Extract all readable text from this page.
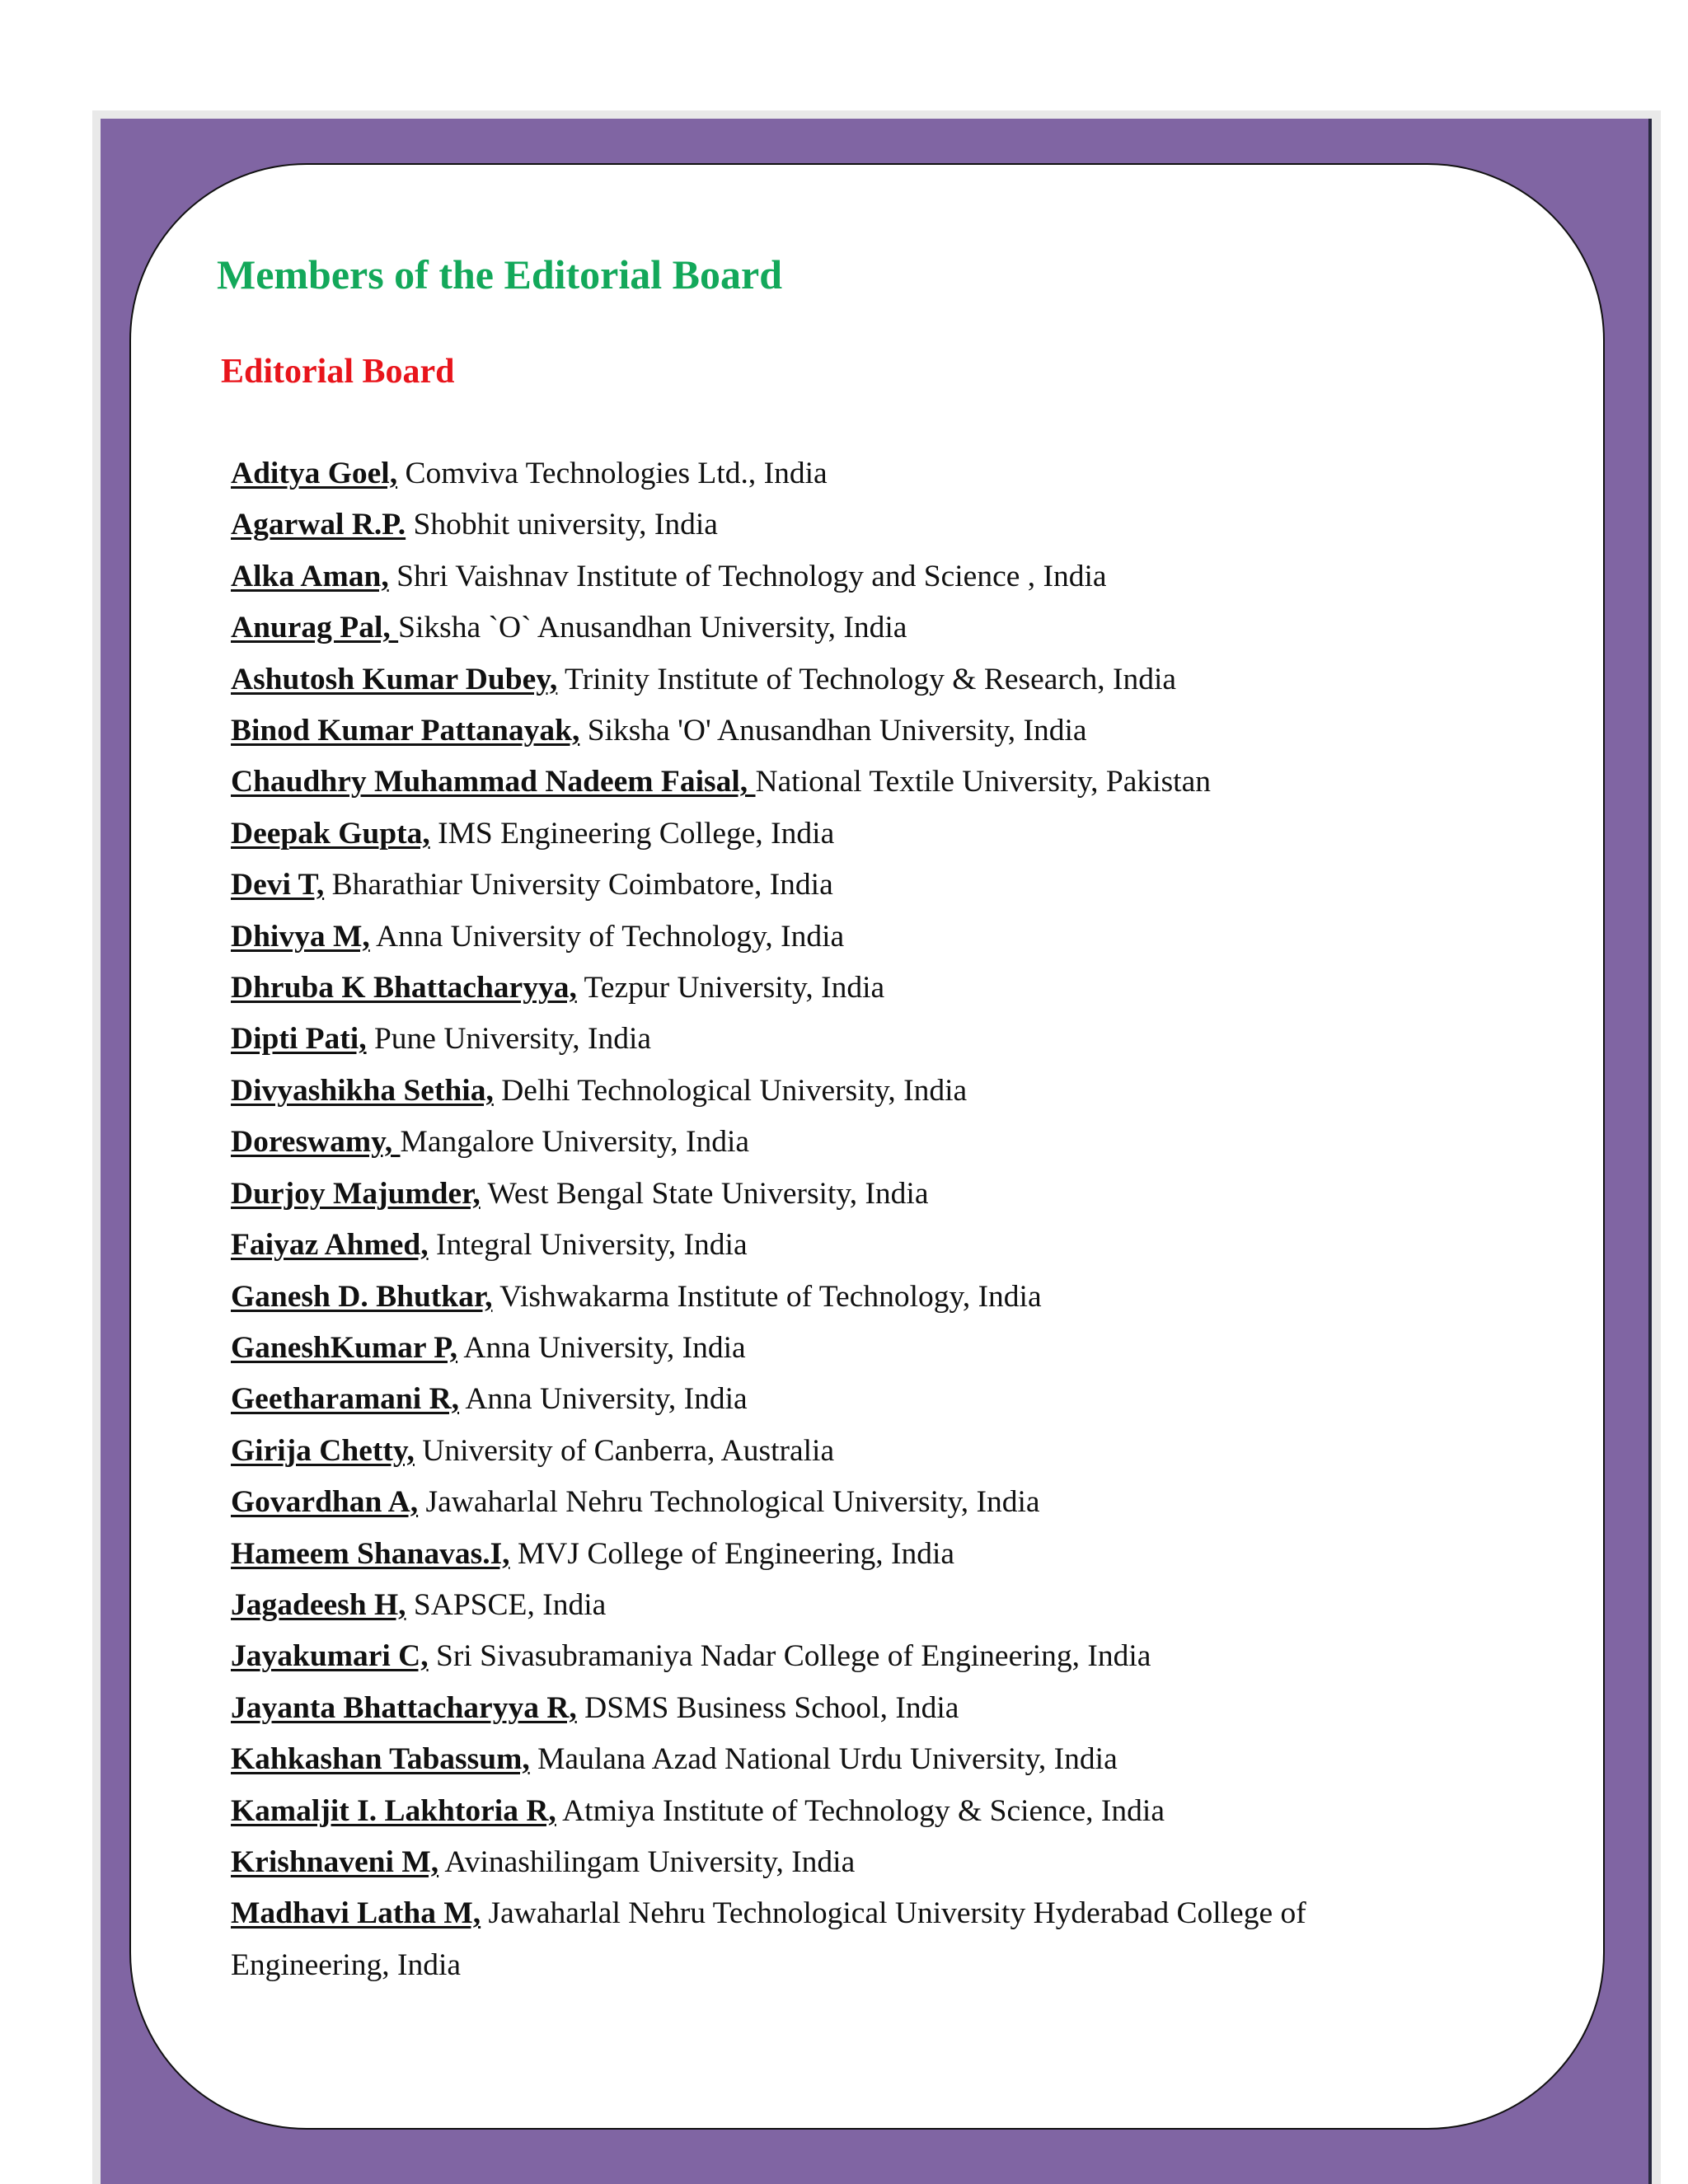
Members of the Editorial Board
Editorial Board
Aditya Goel, Comviva Technologies Ltd., India
Agarwal R.P. Shobhit university, India
Alka Aman, Shri Vaishnav Institute of Technology and Science , India
Anurag Pal, Siksha `O` Anusandhan University, India
Ashutosh Kumar Dubey, Trinity Institute of Technology & Research, India
Binod Kumar Pattanayak, Siksha 'O' Anusandhan University, India
Chaudhry Muhammad Nadeem Faisal, National Textile University, Pakistan
Deepak Gupta, IMS Engineering College, India
Devi T, Bharathiar University Coimbatore, India
Dhivya M, Anna University of Technology, India
Dhruba K Bhattacharyya, Tezpur University, India
Dipti Pati, Pune University, India
Divyashikha Sethia, Delhi Technological University, India
Doreswamy, Mangalore University, India
Durjoy Majumder, West Bengal State University, India
Faiyaz Ahmed, Integral University, India
Ganesh D. Bhutkar, Vishwakarma Institute of Technology, India
GaneshKumar P, Anna University, India
Geetharamani R, Anna University, India
Girija Chetty, University of Canberra, Australia
Govardhan A, Jawaharlal Nehru Technological University, India
Hameem Shanavas.I, MVJ College of Engineering, India
Jagadeesh H, SAPSCE, India
Jayakumari C, Sri Sivasubramaniya Nadar College of Engineering, India
Jayanta Bhattacharyya R, DSMS Business School, India
Kahkashan Tabassum, Maulana Azad National Urdu University, India
Kamaljit I. Lakhtoria R, Atmiya Institute of Technology & Science, India
Krishnaveni M, Avinashilingam University, India
Madhavi Latha M, Jawaharlal Nehru Technological University Hyderabad College of Engineering, India
